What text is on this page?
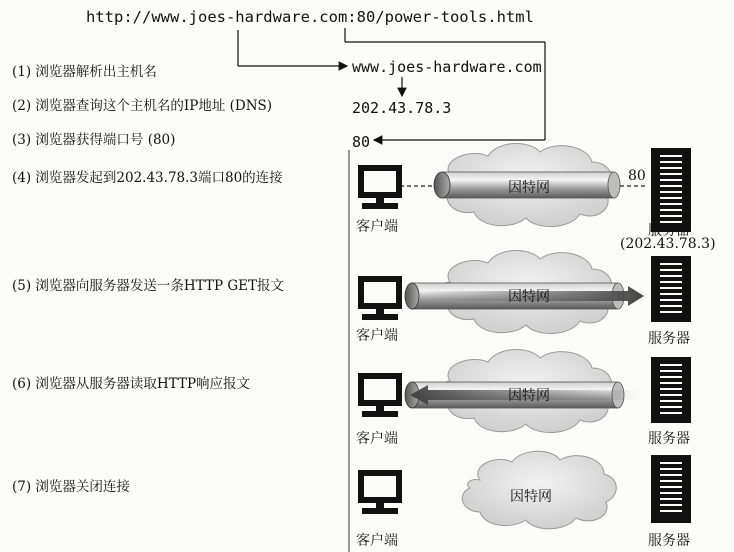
http://www.joes-hardware.com:80/power-tools.html
(1) 浏览器解析出主机名
(2) 浏览器查询这个主机名的IP地址 (DNS)
(3) 浏览器获得端口号 (80)
(4) 浏览器发起到202.43.78.3端口80的连接
(5) 浏览器向服务器发送一条HTTP GET报文
(6) 浏览器从服务器读取HTTP响应报文
(7) 浏览器关闭连接
www.joes-hardware.com
202.43.78.3
80
因特网
80
客户端	服务器
(202.43.78.3)
因特网
客户端	服务器
因特网
客户端	服务器
因特网
客户端	服务器
